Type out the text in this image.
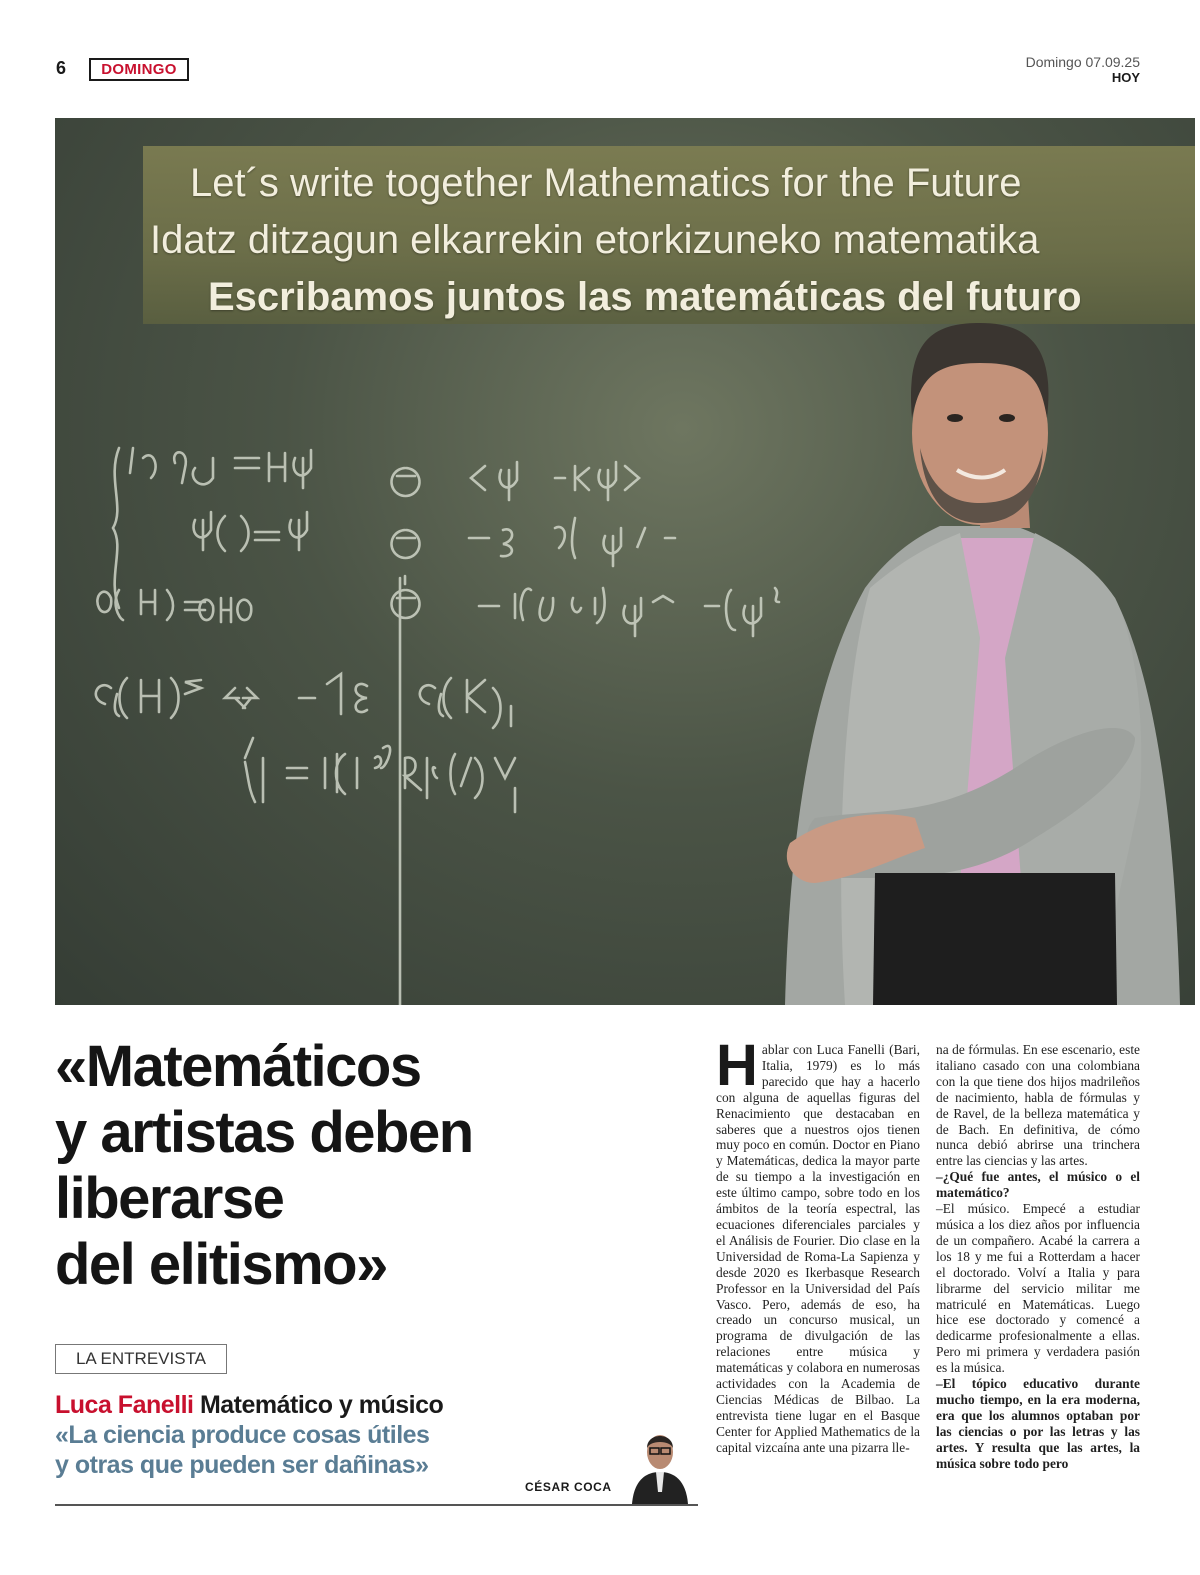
6	DOMINGO	Domingo 07.09.25
HOY
Let´s write together Mathematics for the Future
Idatz ditzagun elkarrekin etorkizuneko matematika
Escribamos juntos las matemáticas del futuro
«Matemáticos
y artistas deben
liberarse
del elitismo»
LA ENTREVISTA
Luca Fanelli Matemático y músico
«La ciencia produce cosas útiles
y otras que pueden ser dañinas»
CÉSAR COCA
H ablar con Luca Fanelli (Bari, Italia, 1979) es lo más parecido que hay a hacerlo con alguna de aquellas figuras del Renacimiento que destacaban en saberes que a nuestros ojos tienen muy poco en común. Doctor en Piano y Matemáticas, dedica la mayor parte de su tiempo a la investigación en este último campo, sobre todo en los ámbitos de la teoría espectral, las ecuaciones diferenciales parciales y el Análisis de Fourier. Dio clase en la Universidad de Roma-La Sapienza y desde 2020 es Ikerbasque Research Professor en la Universidad del País Vasco. Pero, además de eso, ha creado un concurso musical, un programa de divulgación de las relaciones entre música y matemáticas y colabora en numerosas actividades con la Academia de Ciencias Médicas de Bilbao. La entrevista tiene lugar en el Basque Center for Applied Mathematics de la capital vizcaína ante una pizarra lle-

na de fórmulas. En ese escenario, este italiano casado con una colombiana con la que tiene dos hijos madrileños de nacimiento, habla de fórmulas y de Ravel, de la belleza matemática y de Bach. En definitiva, de cómo nunca debió abrirse una trinchera entre las ciencias y las artes.

–¿Qué fue antes, el músico o el matemático?

–El músico. Empecé a estudiar música a los diez años por influencia de un compañero. Acabé la carrera a los 18 y me fui a Rotterdam a hacer el doctorado. Volví a Italia y para librarme del servicio militar me matriculé en Matemáticas. Luego hice ese doctorado y comencé a dedicarme profesionalmente a ellas. Pero mi primera y verdadera pasión es la música.

–El tópico educativo durante mucho tiempo, en la era moderna, era que los alumnos optaban por las ciencias o por las letras y las artes. Y resulta que las artes, la música sobre todo pero
